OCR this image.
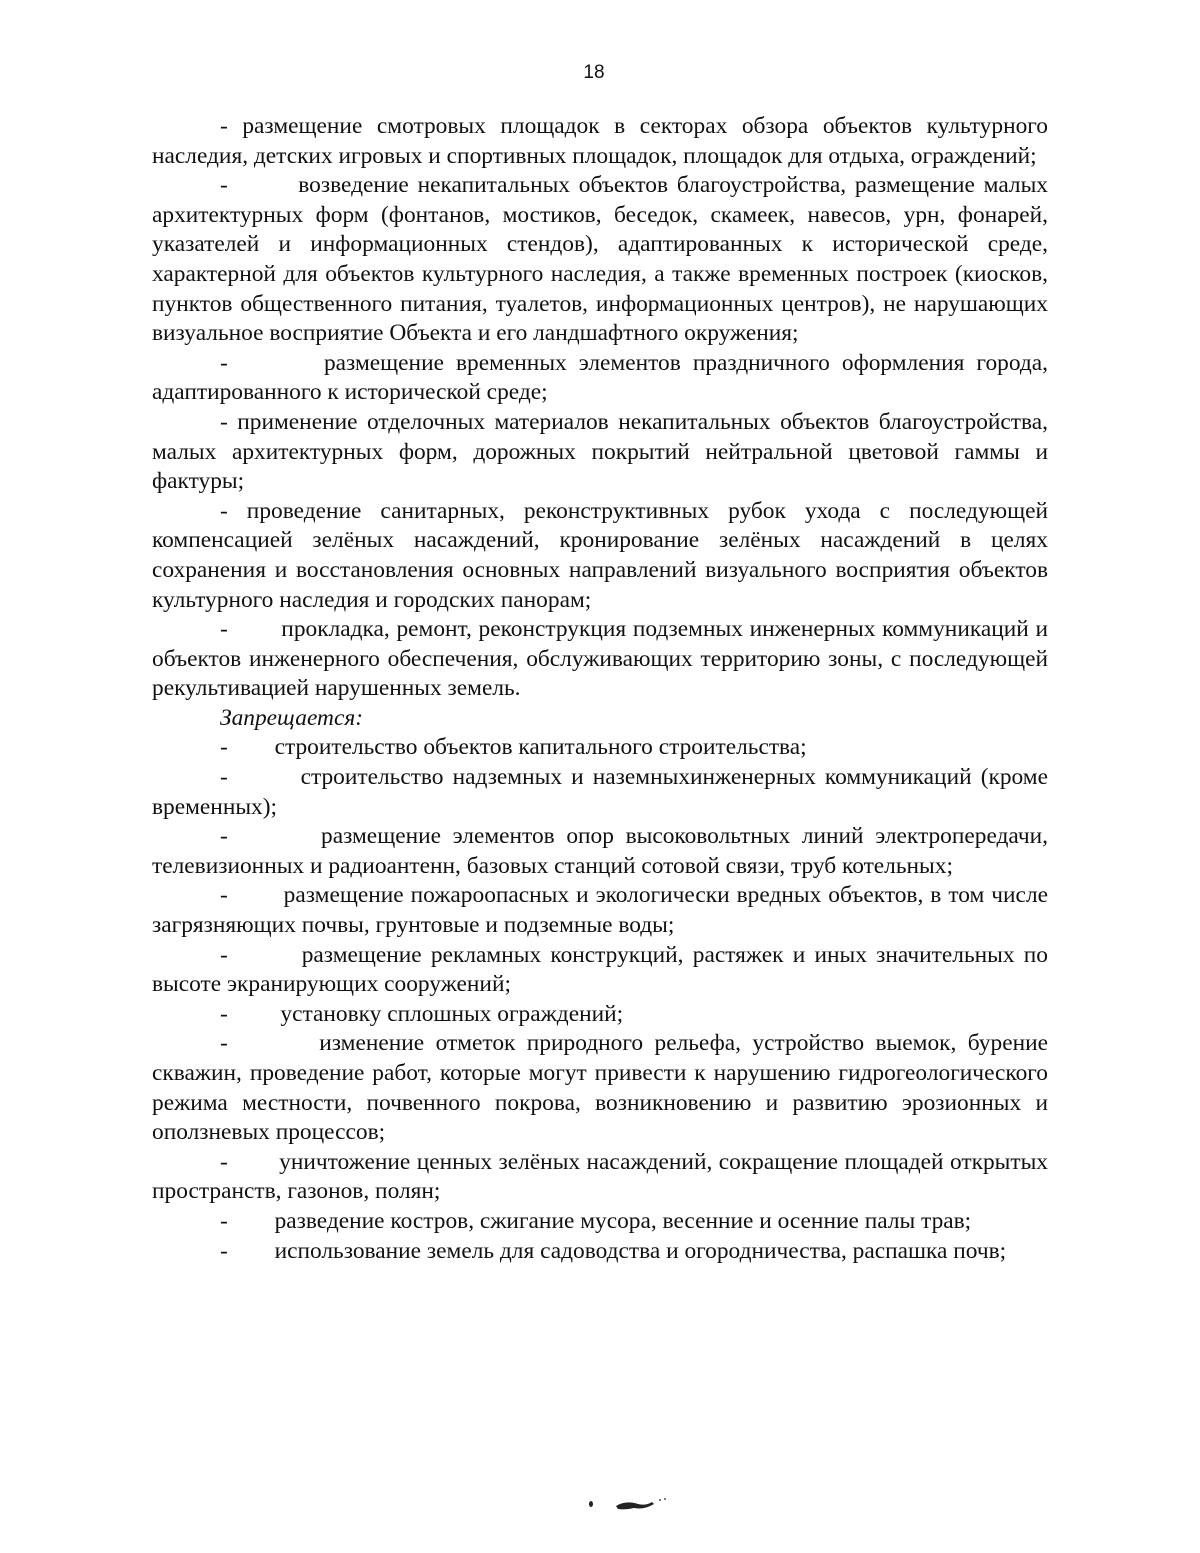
18

- размещение смотровых площадок в секторах обзора объектов культурного наследия, детских игровых и спортивных площадок, площадок для отдыха, ограждений;

-        возведение некапитальных объектов благоустройства, размещение малых архитектурных форм (фонтанов, мостиков, беседок, скамеек, навесов, урн, фонарей, указателей и информационных стендов), адаптированных к исторической среде, характерной для объектов культурного наследия, а также временных построек (киосков, пунктов общественного питания, туалетов, информационных центров), не нарушающих визуальное восприятие Объекта и его ландшафтного окружения;

-        размещение временных элементов праздничного оформления города, адаптированного к исторической среде;

- применение отделочных материалов некапитальных объектов благоустройства, малых архитектурных форм, дорожных покрытий нейтральной цветовой гаммы и фактуры;

- проведение санитарных, реконструктивных рубок ухода с последующей компенсацией зелёных насаждений, кронирование зелёных насаждений в целях сохранения и восстановления основных направлений визуального восприятия объектов культурного наследия и городских панорам;

-        прокладка, ремонт, реконструкция подземных инженерных коммуникаций и объектов инженерного обеспечения, обслуживающих территорию зоны, с последующей рекультивацией нарушенных земель.

Запрещается:

-        строительство объектов капитального строительства;

-        строительство надземных и наземныхинженерных коммуникаций (кроме временных);

-        размещение элементов опор высоковольтных линий электропередачи, телевизионных и радиоантенн, базовых станций сотовой связи, труб котельных;

-        размещение пожароопасных и экологически вредных объектов, в том числе загрязняющих почвы, грунтовые и подземные воды;

-        размещение рекламных конструкций, растяжек и иных значительных по высоте экранирующих сооружений;

-         установку сплошных ограждений;

-        изменение отметок природного рельефа, устройство выемок, бурение скважин, проведение работ, которые могут привести к нарушению гидрогеологического режима местности, почвенного покрова, возникновению и развитию эрозионных и оползневых процессов;

-        уничтожение ценных зелёных насаждений, сокращение площадей открытых пространств, газонов, полян;

-        разведение костров, сжигание мусора, весенние и осенние палы трав;

-        использование земель для садоводства и огородничества, распашка почв;
